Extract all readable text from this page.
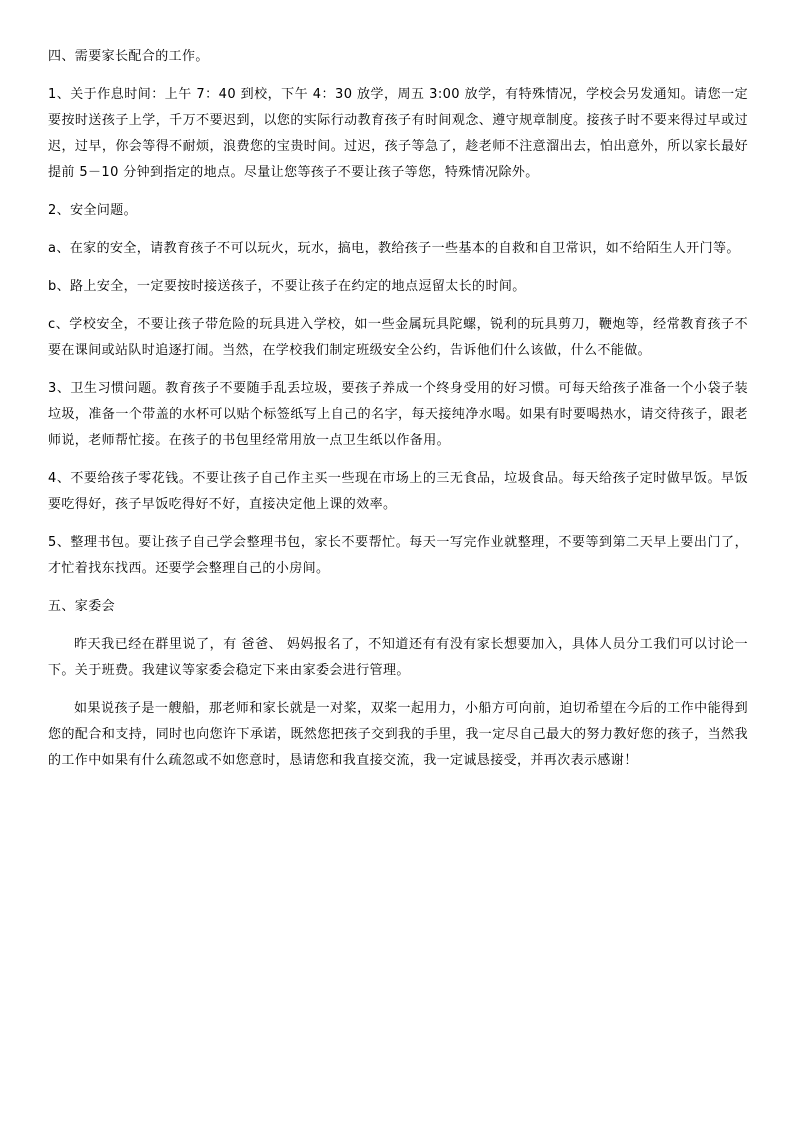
四、需要家长配合的工作。

1、关于作息时间：上午 7：40 到校，下午 4：30 放学，周五 3:00 放学，有特殊情况，学校会另发通知。请您一定要按时送孩子上学，千万不要迟到，以您的实际行动教育孩子有时间观念、遵守规章制度。接孩子时不要来得过早或过迟，过早，你会等得不耐烦，浪费您的宝贵时间。过迟，孩子等急了，趁老师不注意溜出去，怕出意外，所以家长最好提前 5－10 分钟到指定的地点。尽量让您等孩子不要让孩子等您，特殊情况除外。

2、安全问题。

a、在家的安全，请教育孩子不可以玩火，玩水，搞电，教给孩子一些基本的自救和自卫常识，如不给陌生人开门等。

b、路上安全，一定要按时接送孩子，不要让孩子在约定的地点逗留太长的时间。

c、学校安全，不要让孩子带危险的玩具进入学校，如一些金属玩具陀螺，锐利的玩具剪刀，鞭炮等，经常教育孩子不要在课间或站队时追逐打闹。当然，在学校我们制定班级安全公约，告诉他们什么该做，什么不能做。

3、卫生习惯问题。教育孩子不要随手乱丢垃圾，要孩子养成一个终身受用的好习惯。可每天给孩子准备一个小袋子装垃圾，准备一个带盖的水杯可以贴个标签纸写上自己的名字，每天接纯净水喝。如果有时要喝热水，请交待孩子，跟老师说，老师帮忙接。在孩子的书包里经常用放一点卫生纸以作备用。

4、不要给孩子零花钱。不要让孩子自己作主买一些现在市场上的三无食品，垃圾食品。每天给孩子定时做早饭。早饭要吃得好，孩子早饭吃得好不好，直接决定他上课的效率。

5、整理书包。要让孩子自己学会整理书包，家长不要帮忙。每天一写完作业就整理，不要等到第二天早上要出门了，才忙着找东找西。还要学会整理自己的小房间。

五、家委会

昨天我已经在群里说了，有 爸爸、 妈妈报名了，不知道还有有没有家长想要加入，具体人员分工我们可以讨论一下。关于班费。我建议等家委会稳定下来由家委会进行管理。

如果说孩子是一艘船，那老师和家长就是一对桨，双桨一起用力，小船方可向前，迫切希望在今后的工作中能得到您的配合和支持，同时也向您许下承诺，既然您把孩子交到我的手里，我一定尽自己最大的努力教好您的孩子，当然我的工作中如果有什么疏忽或不如您意时，恳请您和我直接交流，我一定诚恳接受，并再次表示感谢！
